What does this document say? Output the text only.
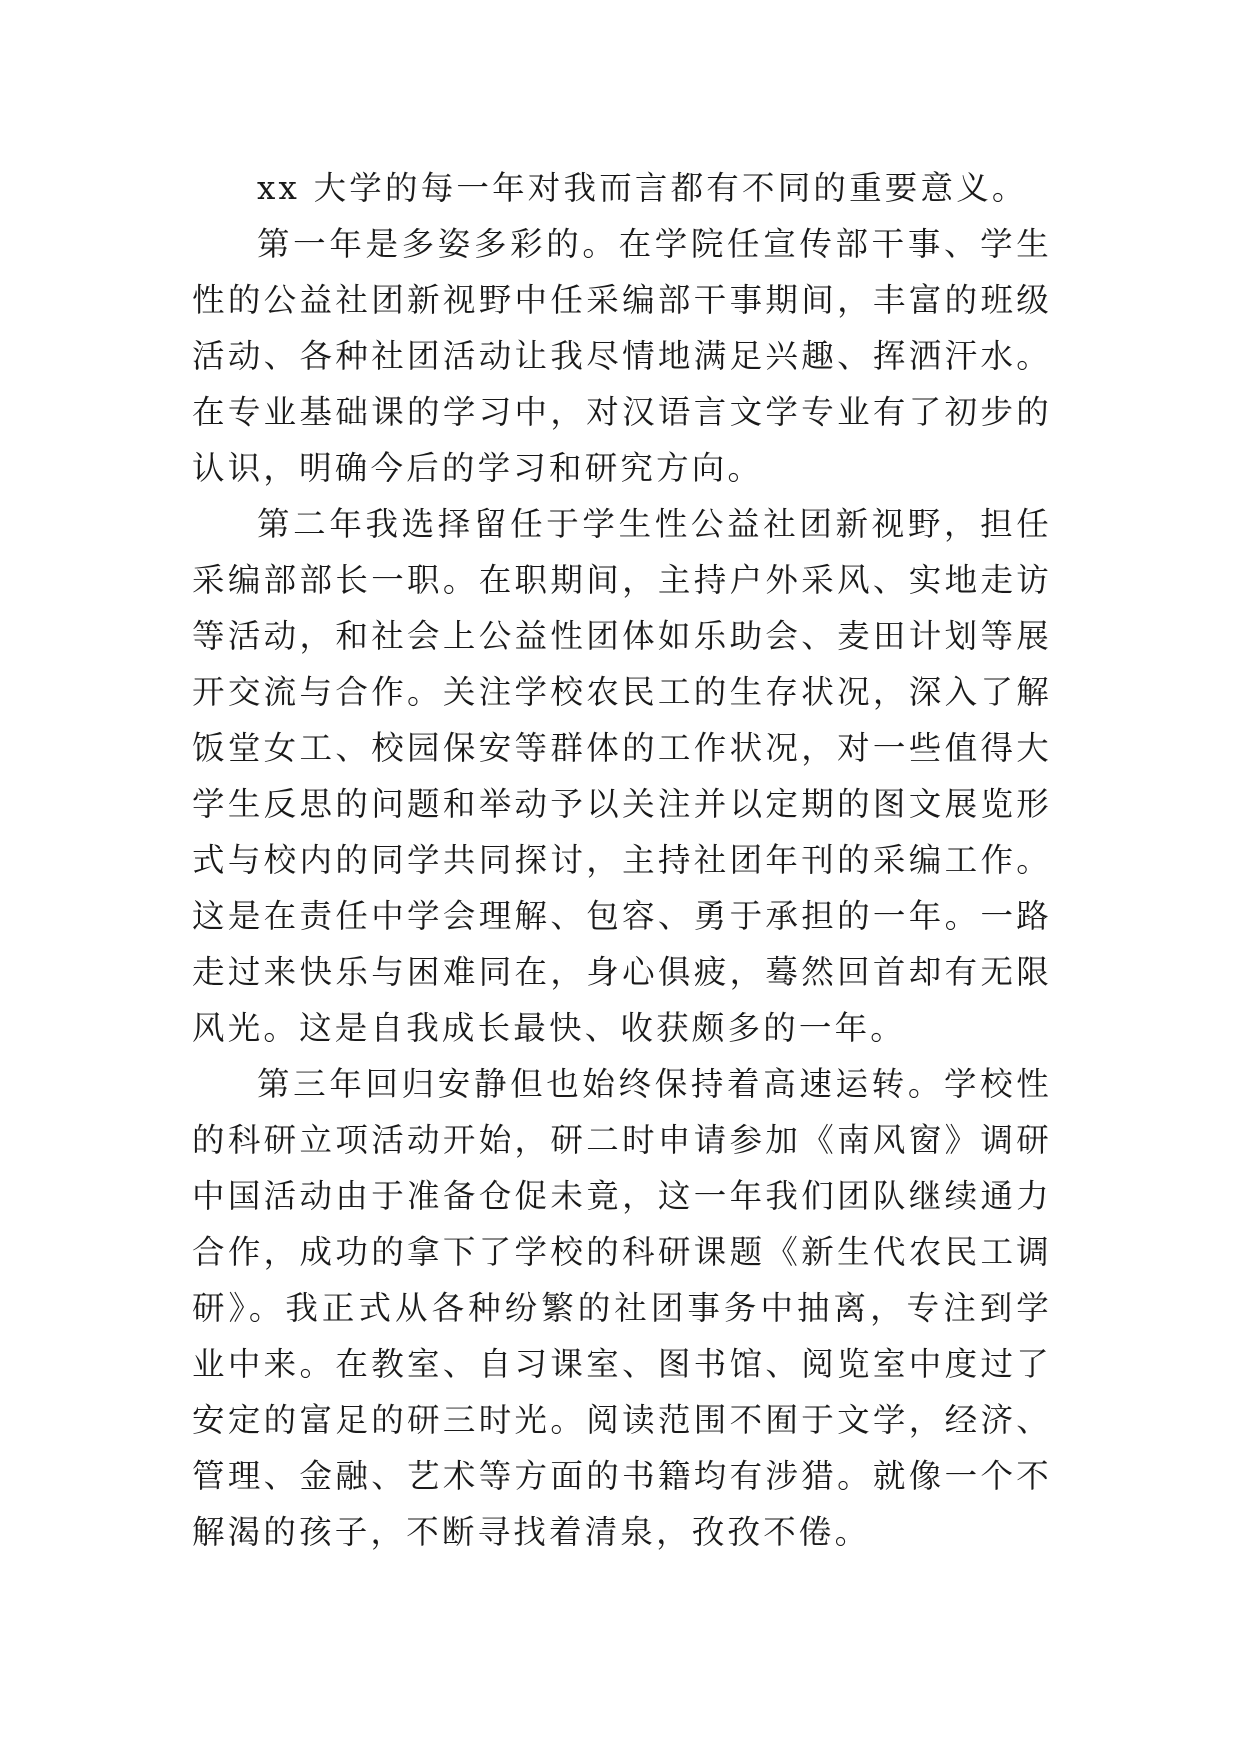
xx 大学的每一年对我而言都有不同的重要意义。

第一年是多姿多彩的。在学院任宣传部干事、学生性的公益社团新视野中任采编部干事期间，丰富的班级活动、各种社团活动让我尽情地满足兴趣、挥洒汗水。在专业基础课的学习中，对汉语言文学专业有了初步的认识，明确今后的学习和研究方向。

第二年我选择留任于学生性公益社团新视野，担任采编部部长一职。在职期间，主持户外采风、实地走访等活动，和社会上公益性团体如乐助会、麦田计划等展开交流与合作。关注学校农民工的生存状况，深入了解饭堂女工、校园保安等群体的工作状况，对一些值得大学生反思的问题和举动予以关注并以定期的图文展览形式与校内的同学共同探讨，主持社团年刊的采编工作。这是在责任中学会理解、包容、勇于承担的一年。一路走过来快乐与困难同在，身心俱疲，蓦然回首却有无限风光。这是自我成长最快、收获颇多的一年。

第三年回归安静但也始终保持着高速运转。学校性的科研立项活动开始，研二时申请参加《南风窗》调研中国活动由于准备仓促未竟，这一年我们团队继续通力合作，成功的拿下了学校的科研课题《新生代农民工调研》。我正式从各种纷繁的社团事务中抽离，专注到学业中来。在教室、自习课室、图书馆、阅览室中度过了安定的富足的研三时光。阅读范围不囿于文学，经济、管理、金融、艺术等方面的书籍均有涉猎。就像一个不解渴的孩子，不断寻找着清泉，孜孜不倦。
